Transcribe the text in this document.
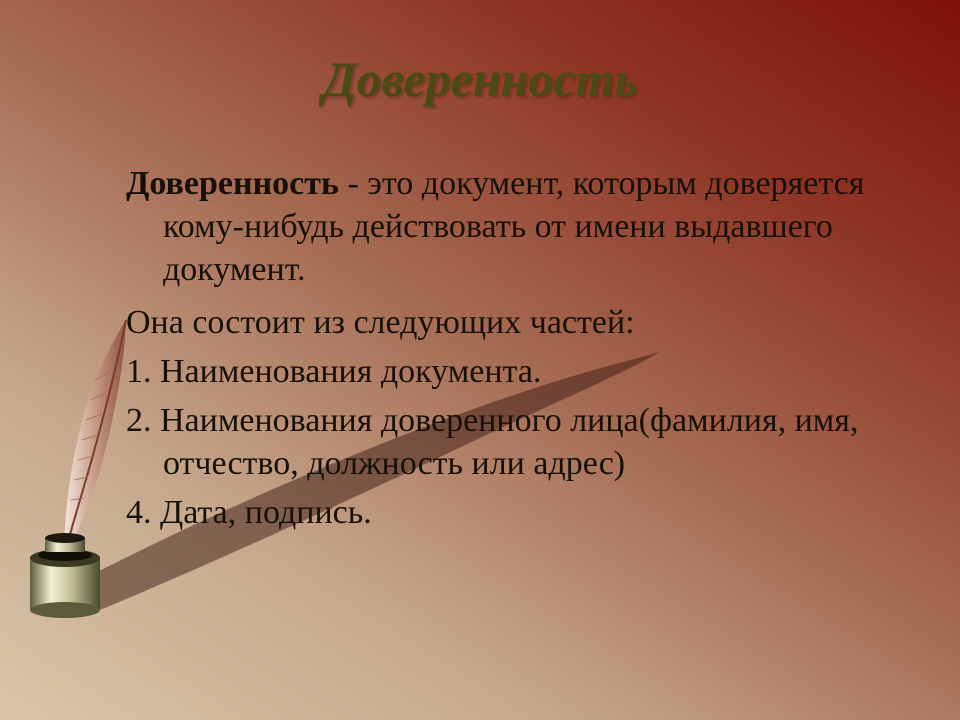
Доверенность

Доверенность - это документ, которым доверяется кому-нибудь действовать от имени выдавшего документ.

Она состоит из следующих частей:

1. Наименования документа.

2. Наименования доверенного лица(фамилия, имя, отчество, должность или адрес)

4. Дата, подпись.
